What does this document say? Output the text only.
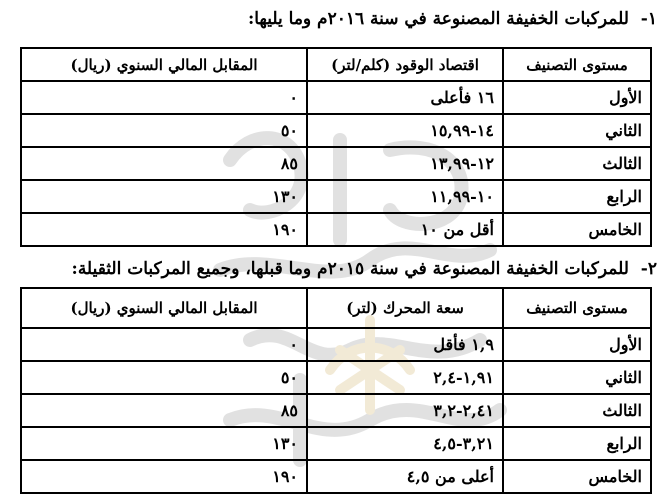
١- للمركبات الخفيفة المصنوعة في سنة ٢٠١٦م وما يليها:
مستوى التصنيف	اقتصاد الوقود (كلم/لتر)	المقابل المالي السنوي (ريال)
الأول	١٦ فأعلى	٠
الثاني	١٤-١٥,٩٩	٥٠
الثالث	١٢-١٣,٩٩	٨٥
الرابع	١٠-١١,٩٩	١٣٠
الخامس	أقل من ١٠	١٩٠
٢- للمركبات الخفيفة المصنوعة في سنة ٢٠١٥م وما قبلها، وجميع المركبات الثقيلة:
مستوى التصنيف	سعة المحرك (لتر)	المقابل المالي السنوي (ريال)
الأول	١,٩ فأقل	٠
الثاني	١,٩١-٢,٤	٥٠
الثالث	٢,٤١-٣,٢	٨٥
الرابع	٣,٢١-٤,٥	١٣٠
الخامس	أعلى من ٤,٥	١٩٠
